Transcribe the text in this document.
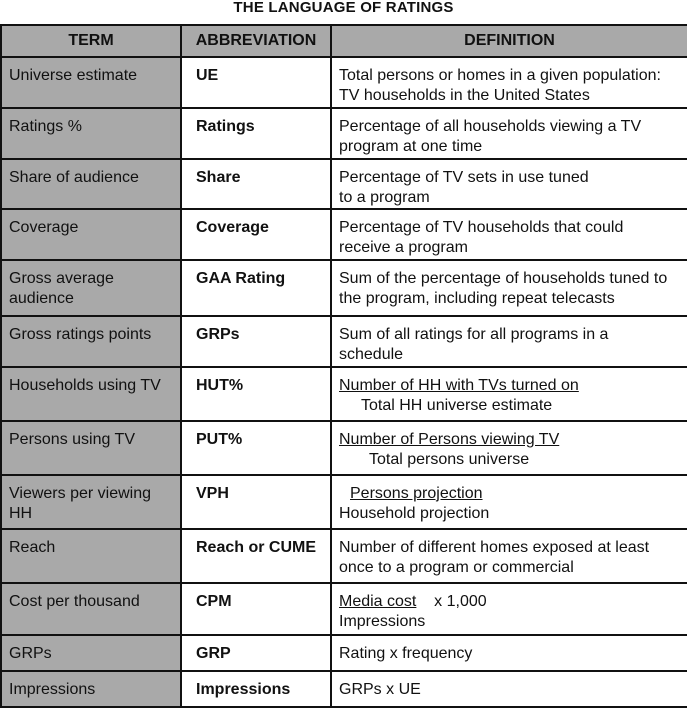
THE LANGUAGE OF RATINGS
TERM	ABBREVIATION	DEFINITION
Universe estimate	UE	Total persons or homes in a given population:
TV households in the United States

Ratings %	Ratings	Percentage of all households viewing a TV
program at one time

Share of audience	Share	Percentage of TV sets in use tuned
to a program

Coverage	Coverage	Percentage of TV households that could
receive a program

Gross average audience	GAA Rating	Sum of the percentage of households tuned to
the program, including repeat telecasts

Gross ratings points	GRPs	Sum of all ratings for all programs in a
schedule

Households using TV	HUT%	Number of HH with TVs turned on
Total HH universe estimate

Persons using TV	PUT%	Number of Persons viewing TV
Total persons universe

Viewers per viewing HH	VPH	Persons projection
Household projection

Reach	Reach or CUME	Number of different homes exposed at least
once to a program or commercial

Cost per thousand	CPM	Media cost x 1,000
Impressions

GRPs	GRP	Rating x frequency

Impressions	Impressions	GRPs x UE
